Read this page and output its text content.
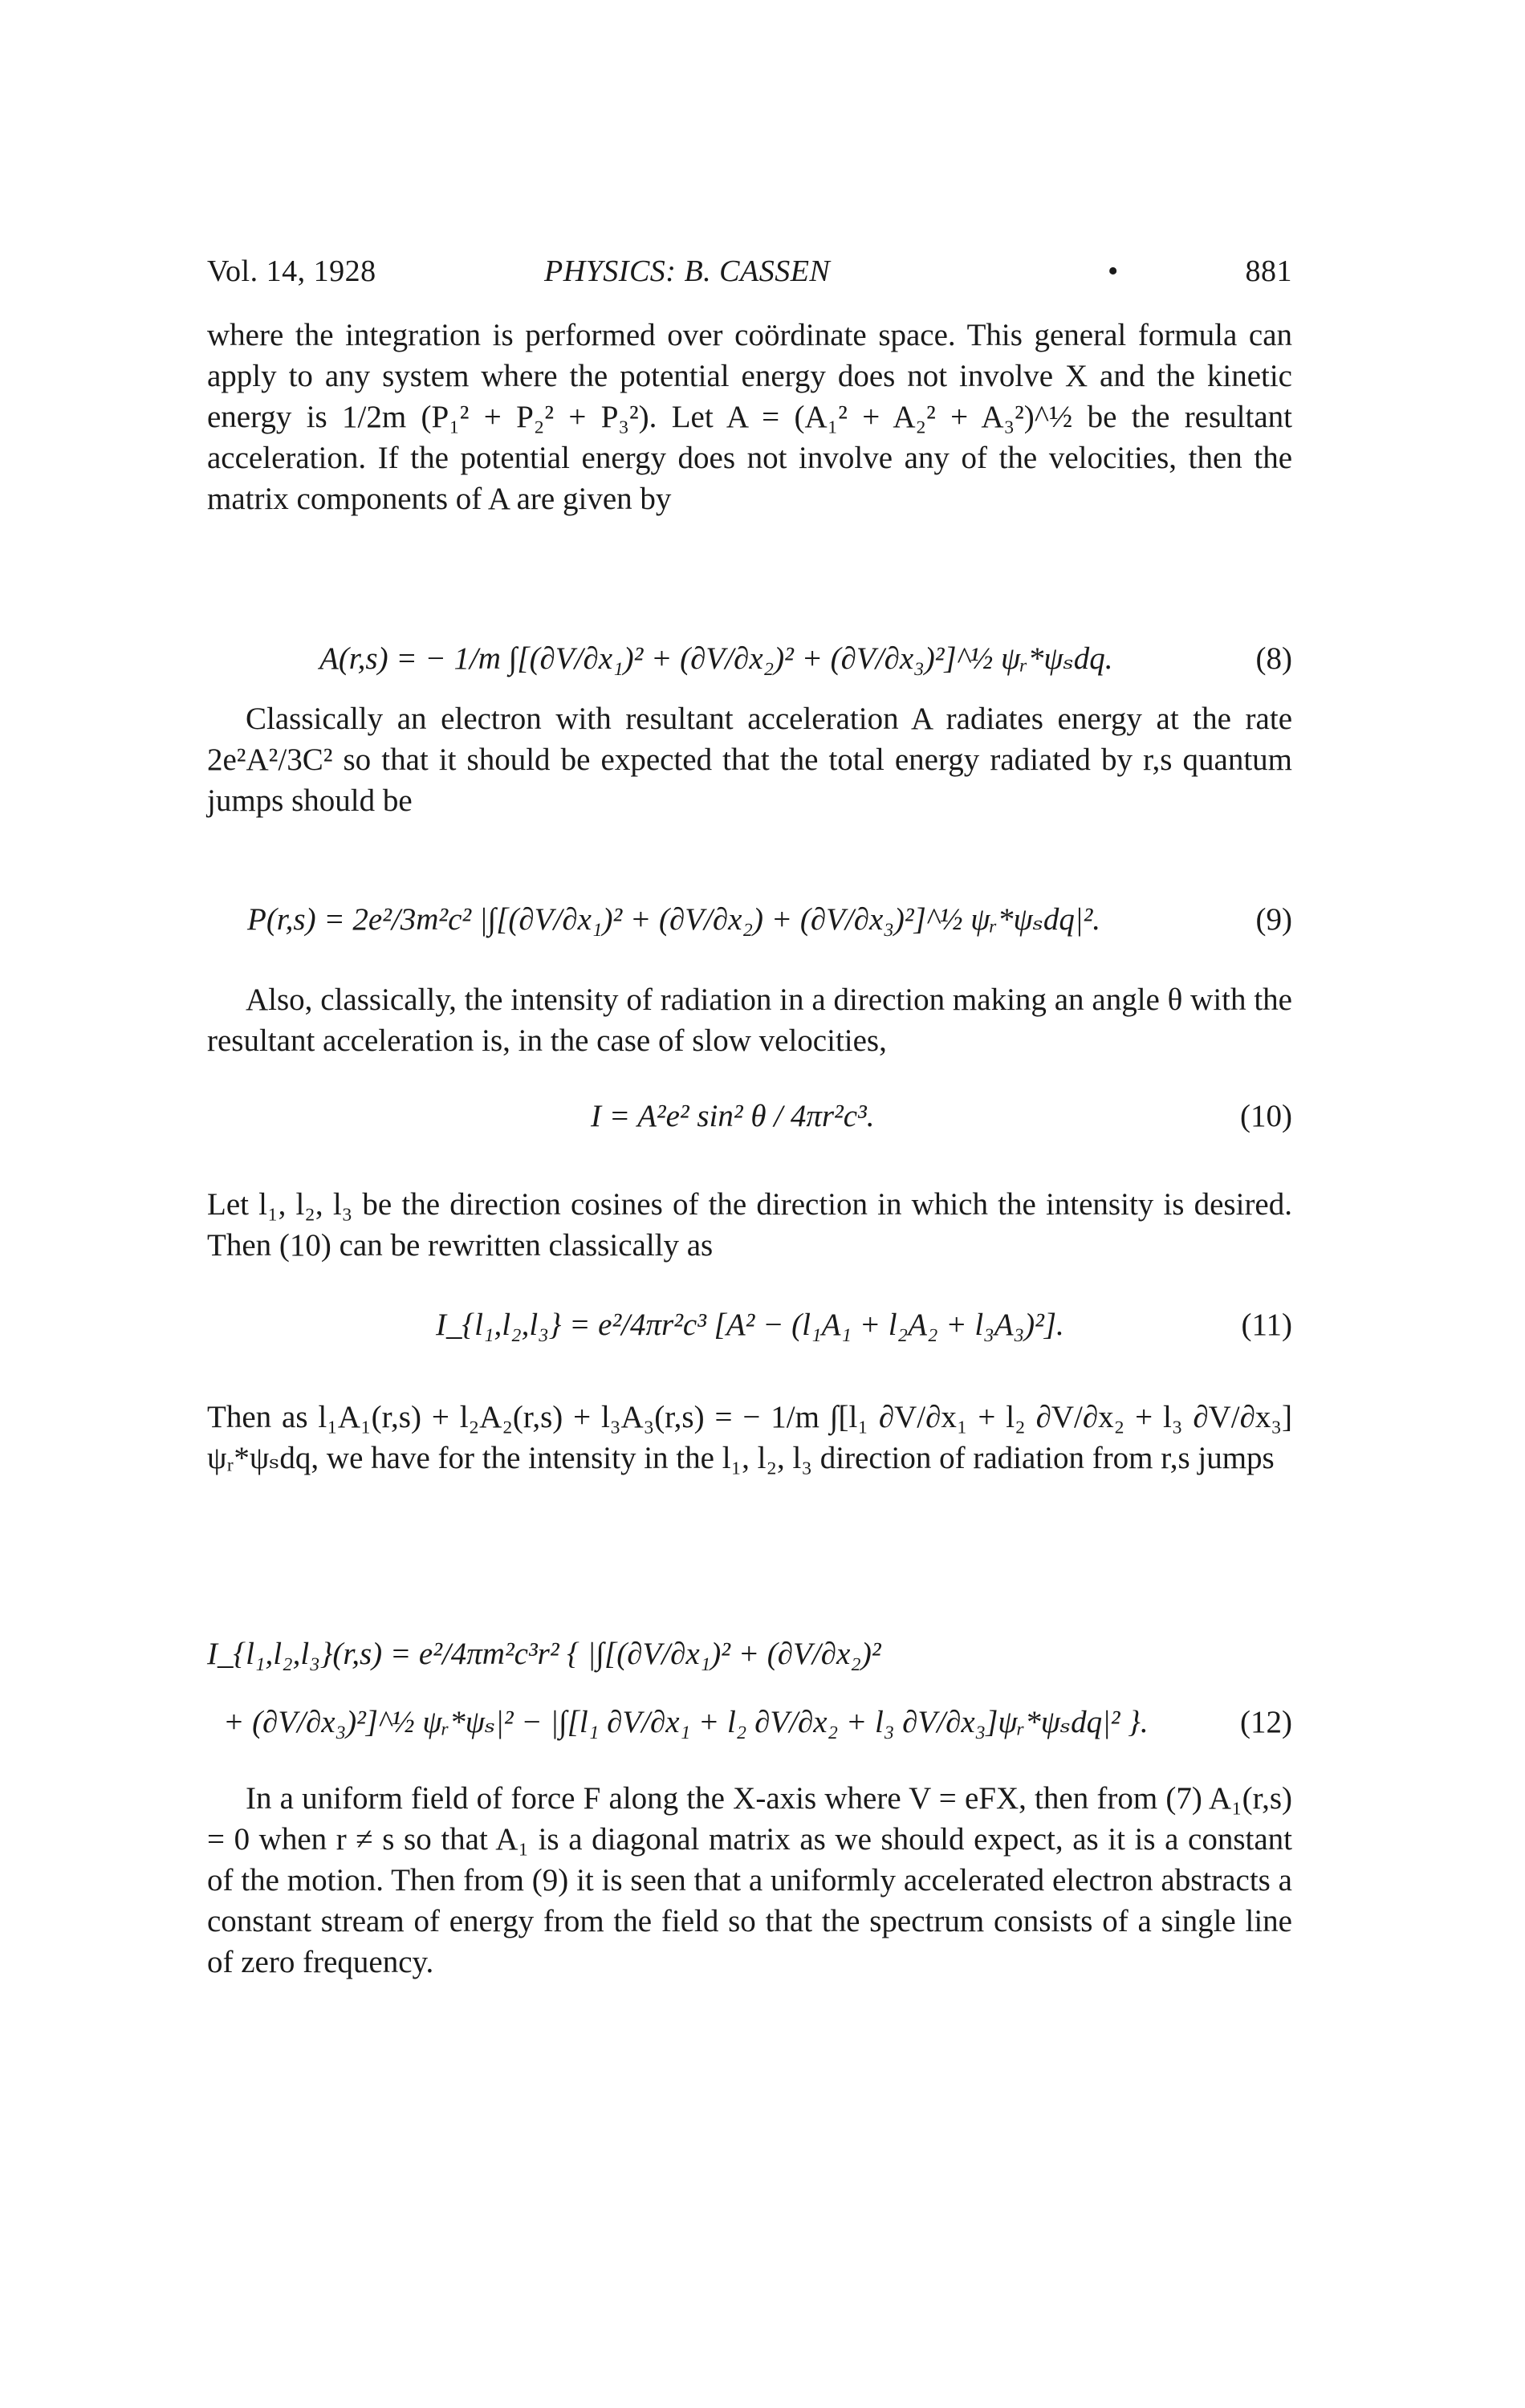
Vol. 14, 1928	PHYSICS: B. CASSEN	•	881

where the integration is performed over coördinate space. This general formula can apply to any system where the potential energy does not involve X and the kinetic energy is 1/2m (P₁² + P₂² + P₃²). Let A = (A₁² + A₂² + A₃²)^½ be the resultant acceleration. If the potential energy does not involve any of the velocities, then the matrix components of A are given by

A(r,s) = − 1/m ∫[(∂V/∂x₁)² + (∂V/∂x₂)² + (∂V/∂x₃)²]^½ ψᵣ*ψₛdq.	(8)

Classically an electron with resultant acceleration A radiates energy at the rate 2e²A²/3C² so that it should be expected that the total energy radiated by r,s quantum jumps should be

P(r,s) = 2e²/3m²c² |∫[(∂V/∂x₁)² + (∂V/∂x₂) + (∂V/∂x₃)²]^½ ψᵣ*ψₛdq|².	(9)

Also, classically, the intensity of radiation in a direction making an angle θ with the resultant acceleration is, in the case of slow velocities,

I = A²e² sin² θ / 4πr²c³.	(10)

Let l₁, l₂, l₃ be the direction cosines of the direction in which the intensity is desired. Then (10) can be rewritten classically as

I_{l₁,l₂,l₃} = e²/4πr²c³ [A² − (l₁A₁ + l₂A₂ + l₃A₃)²].	(11)

Then as l₁A₁(r,s) + l₂A₂(r,s) + l₃A₃(r,s) = − 1/m ∫[l₁ ∂V/∂x₁ + l₂ ∂V/∂x₂ + l₃ ∂V/∂x₃] ψᵣ*ψₛdq, we have for the intensity in the l₁, l₂, l₃ direction of radiation from r,s jumps

I_{l₁,l₂,l₃}(r,s) = e²/4πm²c³r² { |∫[(∂V/∂x₁)² + (∂V/∂x₂)²
+ (∂V/∂x₃)²]^½ ψᵣ*ψₛ|² − |∫[l₁ ∂V/∂x₁ + l₂ ∂V/∂x₂ + l₃ ∂V/∂x₃]ψᵣ*ψₛdq|² }.	(12)

In a uniform field of force F along the X-axis where V = eFX, then from (7) A₁(r,s) = 0 when r ≠ s so that A₁ is a diagonal matrix as we should expect, as it is a constant of the motion. Then from (9) it is seen that a uniformly accelerated electron abstracts a constant stream of energy from the field so that the spectrum consists of a single line of zero frequency.
